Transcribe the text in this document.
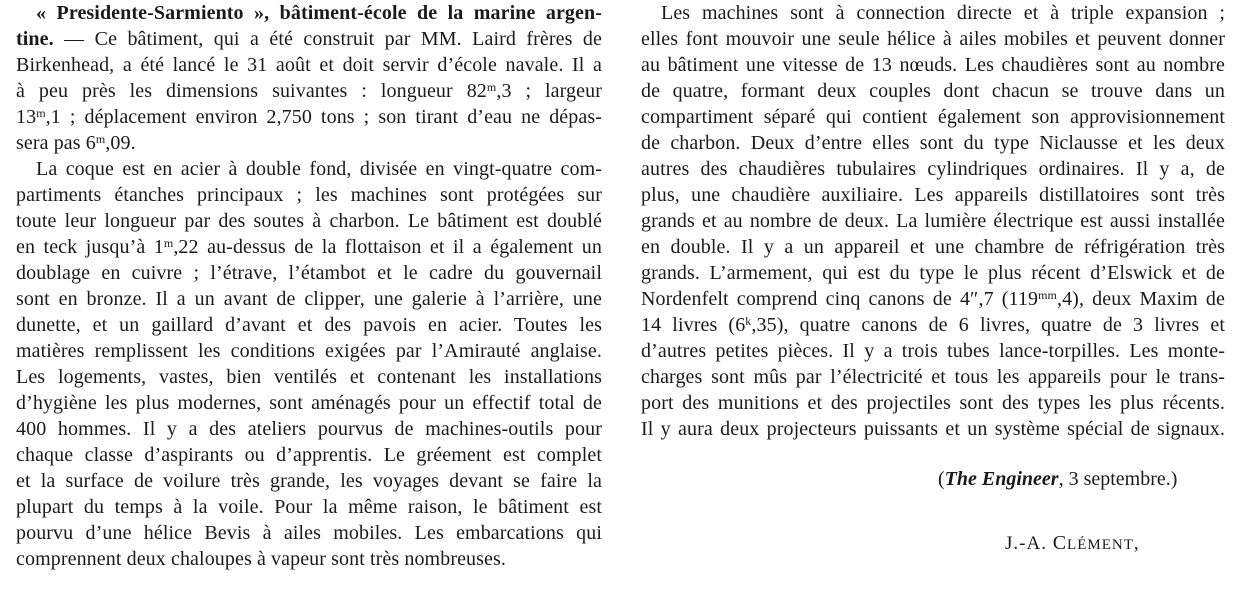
« Presidente-Sarmiento », bâtiment-école de la marine argen-
tine. — Ce bâtiment, qui a été construit par MM. Laird frères de
Birkenhead, a été lancé le 31 août et doit servir d’école navale. Il a
à peu près les dimensions suivantes : longueur 82$^m$,3 ; largeur
13$^m$,1 ; déplacement environ 2,750 tons ; son tirant d’eau ne dépas-
sera pas 6$^m$,09.
La coque est en acier à double fond, divisée en vingt-quatre com-
partiments étanches principaux ; les machines sont protégées sur
toute leur longueur par des soutes à charbon. Le bâtiment est doublé
en teck jusqu’à 1$^m$,22 au-dessus de la flottaison et il a également un
doublage en cuivre ; l’étrave, l’étambot et le cadre du gouvernail
sont en bronze. Il a un avant de clipper, une galerie à l’arrière, une
dunette, et un gaillard d’avant et des pavois en acier. Toutes les
matières remplissent les conditions exigées par l’Amirauté anglaise.
Les logements, vastes, bien ventilés et contenant les installations
d’hygiène les plus modernes, sont aménagés pour un effectif total de
400 hommes. Il y a des ateliers pourvus de machines-outils pour
chaque classe d’aspirants ou d’apprentis. Le gréement est complet
et la surface de voilure très grande, les voyages devant se faire la
plupart du temps à la voile. Pour la même raison, le bâtiment est
pourvu d’une hélice Bevis à ailes mobiles. Les embarcations qui
comprennent deux chaloupes à vapeur sont très nombreuses.
Les machines sont à connection directe et à triple expansion ;
elles font mouvoir une seule hélice à ailes mobiles et peuvent donner
au bâtiment une vitesse de 13 nœuds. Les chaudières sont au nombre
de quatre, formant deux couples dont chacun se trouve dans un
compartiment séparé qui contient également son approvisionnement
de charbon. Deux d’entre elles sont du type Niclausse et les deux
autres des chaudières tubulaires cylindriques ordinaires. Il y a, de
plus, une chaudière auxiliaire. Les appareils distillatoires sont très
grands et au nombre de deux. La lumière électrique est aussi installée
en double. Il y a un appareil et une chambre de réfrigération très
grands. L’armement, qui est du type le plus récent d’Elswick et de
Nordenfelt comprend cinq canons de 4″,7 $(119^{mm},4)$, deux Maxim de
14 livres (6$^k$,35), quatre canons de 6 livres, quatre de 3 livres et
d’autres petites pièces. Il y a trois tubes lance-torpilles. Les monte-
charges sont mûs par l’électricité et tous les appareils pour le trans-
port des munitions et des projectiles sont des types les plus récents.
Il y aura deux projecteurs puissants et un système spécial de signaux.
(The Engineer, 3 septembre.)
J.-A. CLÉMENT,
